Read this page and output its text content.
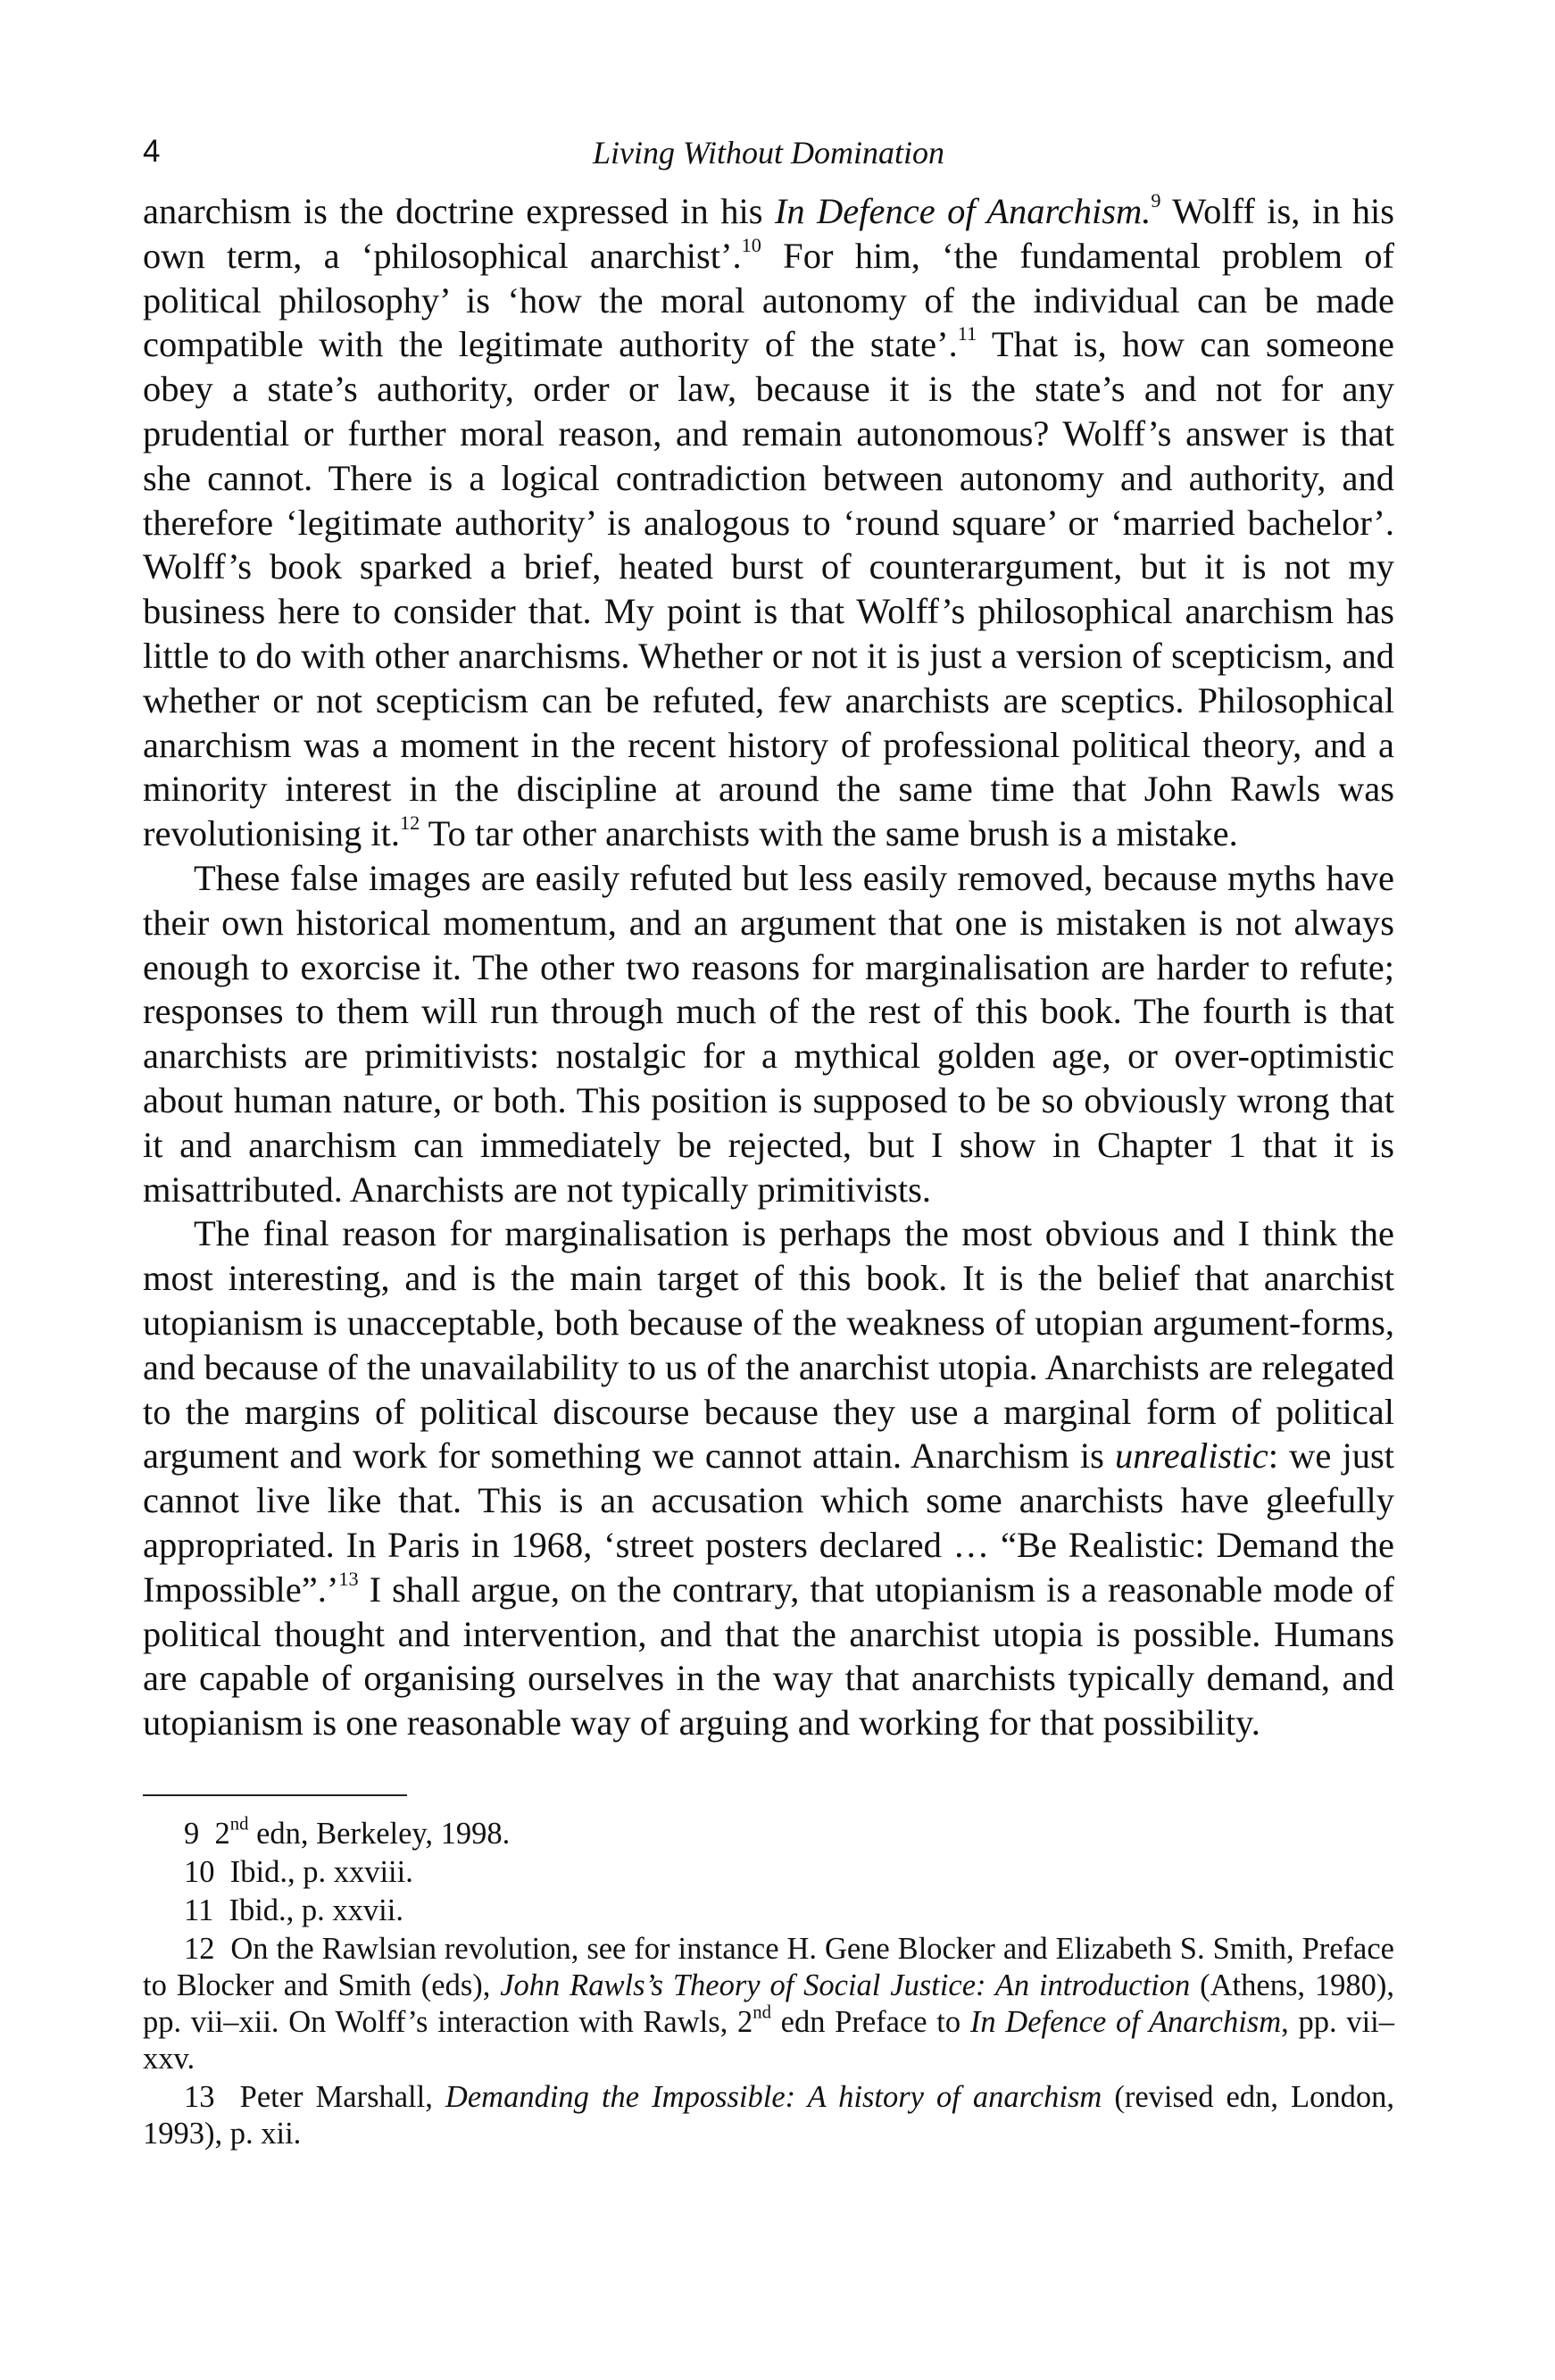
4	Living Without Domination

anarchism is the doctrine expressed in his In Defence of Anarchism.$^9$ Wolff is, in his own term, a ‘philosophical anarchist’.$^{10}$ For him, ‘the fundamental problem of political philosophy’ is ‘how the moral autonomy of the individual can be made compatible with the legitimate authority of the state’.$^{11}$ That is, how can someone obey a state’s authority, order or law, because it is the state’s and not for any prudential or further moral reason, and remain autonomous? Wolff’s answer is that she cannot. There is a logical contradiction between autonomy and authority, and therefore ‘legitimate authority’ is analogous to ‘round square’ or ‘married bachelor’. Wolff’s book sparked a brief, heated burst of counterargument, but it is not my business here to consider that. My point is that Wolff’s philosophical anarchism has little to do with other anarchisms. Whether or not it is just a version of scepticism, and whether or not scepticism can be refuted, few anarchists are sceptics. Philosophical anarchism was a moment in the recent history of professional political theory, and a minority interest in the discipline at around the same time that John Rawls was revolutionising it.$^{12}$ To tar other anarchists with the same brush is a mistake.

These false images are easily refuted but less easily removed, because myths have their own historical momentum, and an argument that one is mistaken is not always enough to exorcise it. The other two reasons for marginalisation are harder to refute; responses to them will run through much of the rest of this book. The fourth is that anarchists are primitivists: nostalgic for a mythical golden age, or over-optimistic about human nature, or both. This position is supposed to be so obviously wrong that it and anarchism can immediately be rejected, but I show in Chapter 1 that it is misattributed. Anarchists are not typically primitivists.

The final reason for marginalisation is perhaps the most obvious and I think the most interesting, and is the main target of this book. It is the belief that anarchist utopianism is unacceptable, both because of the weakness of utopian argument-forms, and because of the unavailability to us of the anarchist utopia. Anarchists are relegated to the margins of political discourse because they use a marginal form of political argument and work for something we cannot attain. Anarchism is unrealistic: we just cannot live like that. This is an accusation which some anarchists have gleefully appropriated. In Paris in 1968, ‘street posters declared … “Be Realistic: Demand the Impossible”.’$^{13}$ I shall argue, on the contrary, that utopianism is a reasonable mode of political thought and intervention, and that the anarchist utopia is possible. Humans are capable of organising ourselves in the way that anarchists typically demand, and utopianism is one reasonable way of arguing and working for that possibility.

9 2nd edn, Berkeley, 1998.

10 Ibid., p. xxviii.

11 Ibid., p. xxvii.

12 On the Rawlsian revolution, see for instance H. Gene Blocker and Elizabeth S. Smith, Preface to Blocker and Smith (eds), John Rawls’s Theory of Social Justice: An introduction (Athens, 1980), pp. vii–xii. On Wolff’s interaction with Rawls, 2nd edn Preface to In Defence of Anarchism, pp. vii–xxv.

13 Peter Marshall, Demanding the Impossible: A history of anarchism (revised edn, London, 1993), p. xii.
